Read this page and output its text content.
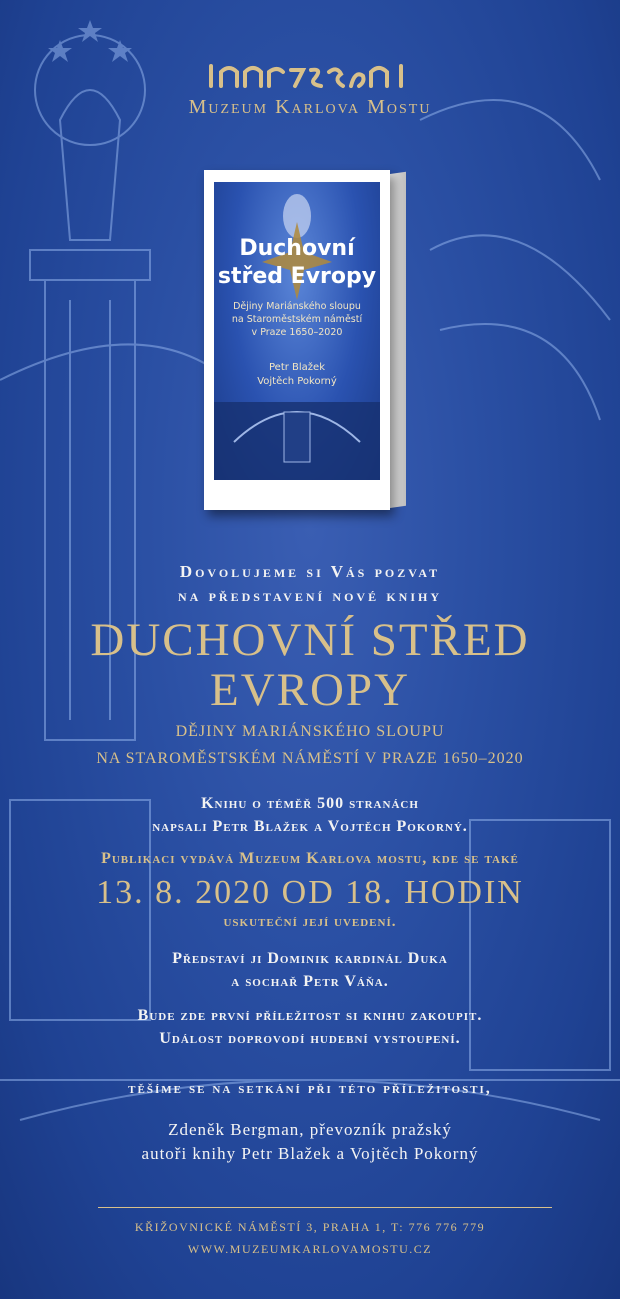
Muzeum Karlova Mostu
Duchovní
střed Evropy
Dějiny Mariánského sloupu
na Staroměstském náměstí
v Praze 1650–2020
Petr Blažek
Vojtěch Pokorný
Dovolujeme si Vás pozvat
na představení nové knihy
DUCHOVNÍ STŘED
EVROPY
DĚJINY MARIÁNSKÉHO SLOUPU
NA STAROMĚSTSKÉM NÁMĚSTÍ V PRAZE 1650–2020
Knihu o téměř 500 stranách
napsali Petr Blažek a Vojtěch Pokorný.
Publikaci vydává Muzeum Karlova mostu, kde se také
13. 8. 2020 OD 18. HODIN
uskuteční její uvedení.
Představí ji Dominik kardinál Duka
a sochař Petr Váňa.
Bude zde první příležitost si knihu zakoupit.
Událost doprovodí hudební vystoupení.
těšíme se na setkání při této příležitosti,
Zdeněk Bergman, převozník pražský
autoři knihy Petr Blažek a Vojtěch Pokorný
KŘIŽOVNICKÉ NÁMĚSTÍ 3, PRAHA 1, T: 776 776 779
WWW.MUZEUMKARLOVAMOSTU.CZ
